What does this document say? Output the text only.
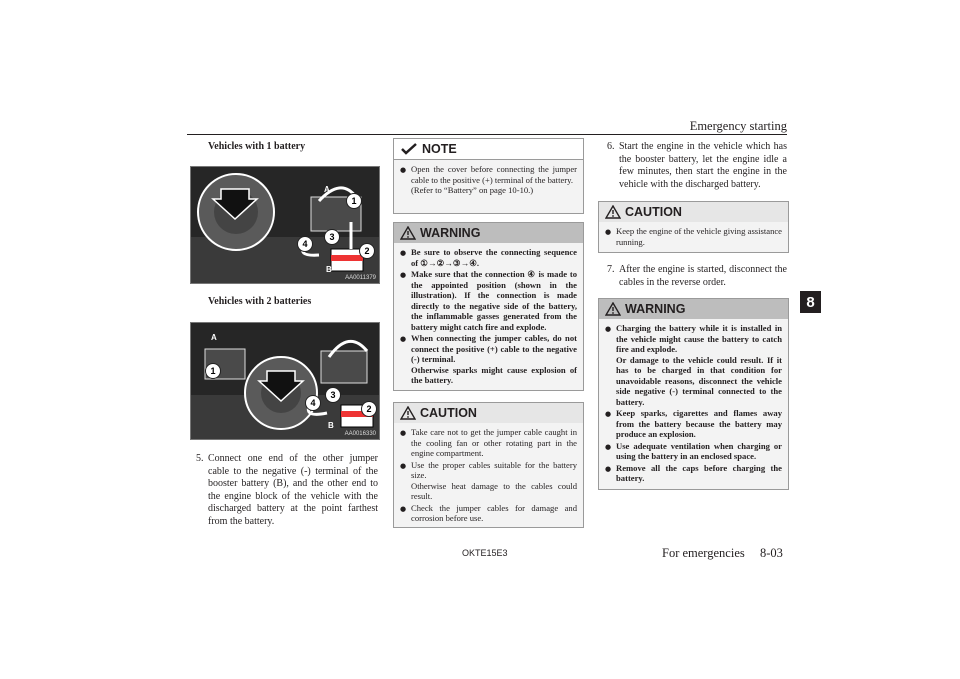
Emergency starting
8
Vehicles with 1 battery
A
B
1
2
3
4
AA0011379
Vehicles with 2 batteries
A
B
1
2
3
4
AA0016330
5. Connect one end of the other jumper cable to the negative (-) terminal of the booster battery (B), and the other end to the engine block of the vehicle with the discharged battery at the point farthest from the battery.
NOTE
● Open the cover before connecting the jumper cable to the positive (+) terminal of the battery.
(Refer to “Battery” on page 10-10.)
WARNING
● Be sure to observe the connecting sequence of ①→②→③→④.
● Make sure that the connection ④ is made to the appointed position (shown in the illustration). If the connection is made directly to the negative side of the battery, the inflammable gasses generated from the battery might catch fire and explode.
● When connecting the jumper cables, do not connect the positive (+) cable to the negative (-) terminal.
Otherwise sparks might cause explosion of the battery.
CAUTION
● Take care not to get the jumper cable caught in the cooling fan or other rotating part in the engine compartment.
● Use the proper cables suitable for the battery size.
Otherwise heat damage to the cables could result.
● Check the jumper cables for damage and corrosion before use.
6. Start the engine in the vehicle which has the booster battery, let the engine idle a few minutes, then start the engine in the vehicle with the discharged battery.
CAUTION
● Keep the engine of the vehicle giving assistance running.
7. After the engine is started, disconnect the cables in the reverse order.
WARNING
● Charging the battery while it is installed in the vehicle might cause the battery to catch fire and explode.
Or damage to the vehicle could result. If it has to be charged in that condition for unavoidable reasons, disconnect the vehicle side negative (-) terminal connected to the battery.
● Keep sparks, cigarettes and flames away from the battery because the battery may produce an explosion.
● Use adequate ventilation when charging or using the battery in an enclosed space.
● Remove all the caps before charging the battery.
OKTE15E3	For emergencies 8-03
